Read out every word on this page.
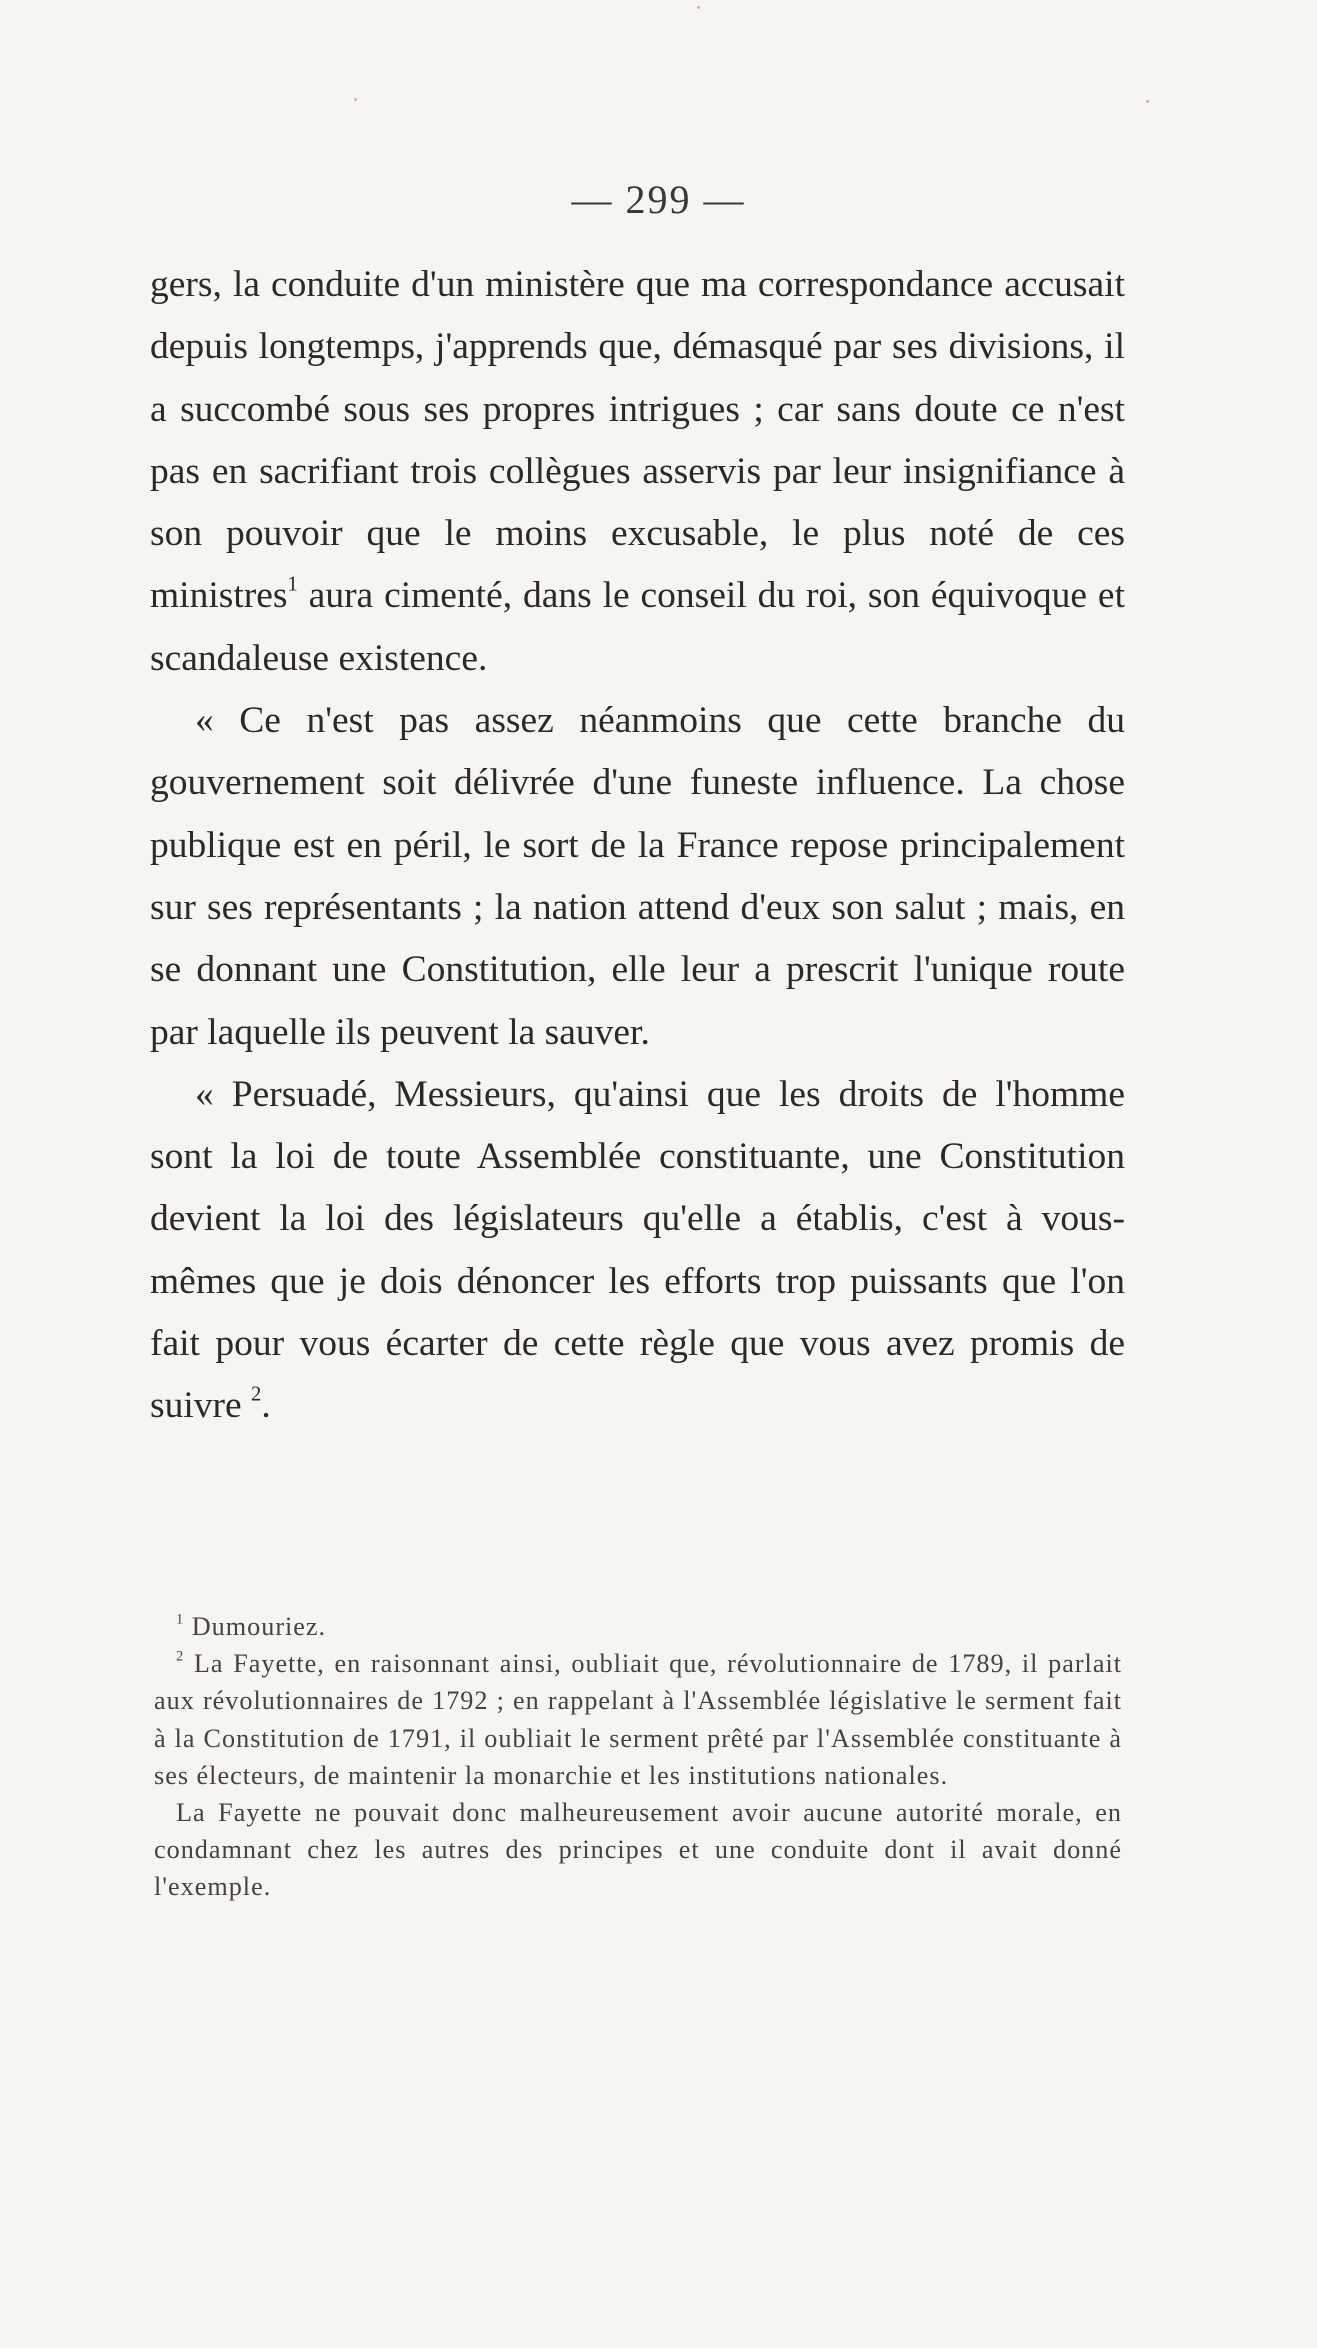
— 299 —

gers, la conduite d'un ministère que ma correspondance accusait depuis longtemps, j'apprends que, démasqué par ses divisions, il a succombé sous ses propres intrigues ; car sans doute ce n'est pas en sacrifiant trois collègues asservis par leur insignifiance à son pouvoir que le moins excusable, le plus noté de ces ministres$^1$ aura cimenté, dans le conseil du roi, son équivoque et scandaleuse existence.

« Ce n'est pas assez néanmoins que cette branche du gouvernement soit délivrée d'une funeste influence. La chose publique est en péril, le sort de la France repose principalement sur ses représentants ; la nation attend d'eux son salut ; mais, en se donnant une Constitution, elle leur a prescrit l'unique route par laquelle ils peuvent la sauver.

« Persuadé, Messieurs, qu'ainsi que les droits de l'homme sont la loi de toute Assemblée constituante, une Constitution devient la loi des législateurs qu'elle a établis, c'est à vous-mêmes que je dois dénoncer les efforts trop puissants que l'on fait pour vous écarter de cette règle que vous avez promis de suivre $^2$.

$^1$ Dumouriez.

$^2$ La Fayette, en raisonnant ainsi, oubliait que, révolutionnaire de 1789, il parlait aux révolutionnaires de 1792 ; en rappelant à l'Assemblée législative le serment fait à la Constitution de 1791, il oubliait le serment prêté par l'Assemblée constituante à ses électeurs, de maintenir la monarchie et les institutions nationales.

La Fayette ne pouvait donc malheureusement avoir aucune autorité morale, en condamnant chez les autres des principes et une conduite dont il avait donné l'exemple.
